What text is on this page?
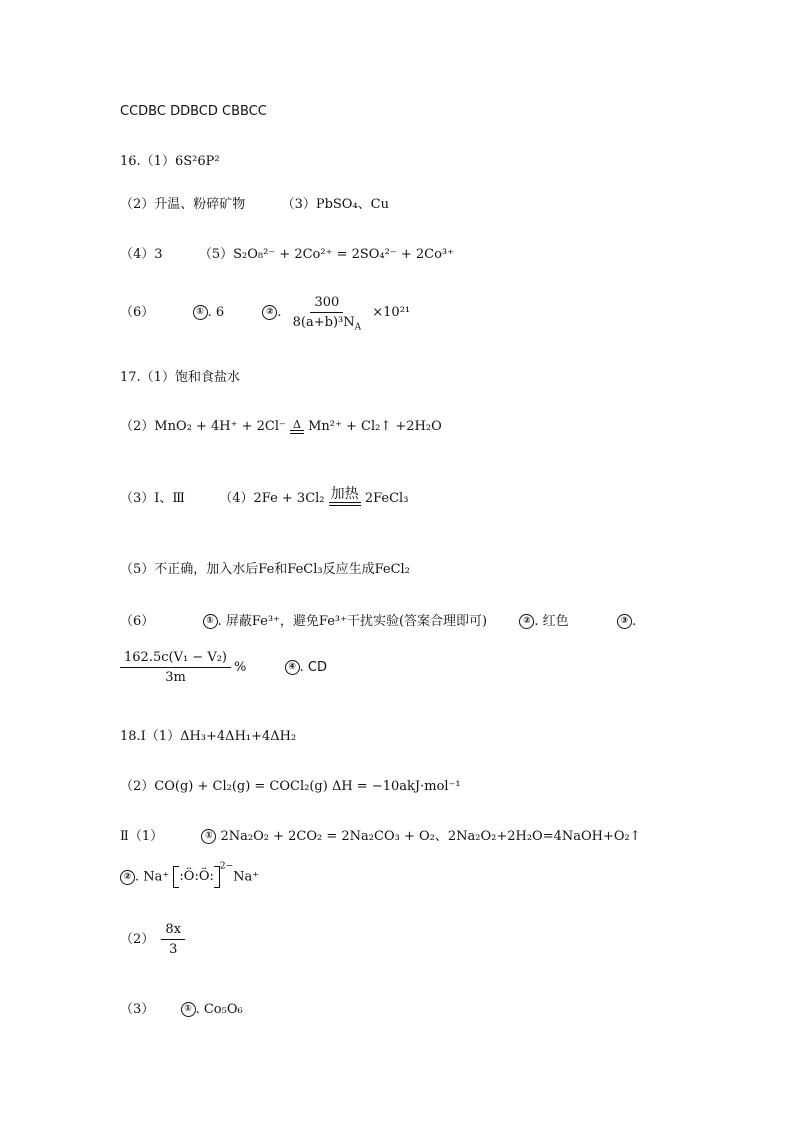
CCDBC DDBCD CBBCC
16.（1）6S²6P²
（2）升温、粉碎矿物	（3）PbSO₄、Cu
（4）3	（5）S₂O₈²⁻ + 2Co²⁺ = 2SO₄²⁻ + 2Co³⁺
（6）	① . 6	② . $\frac{300}{8(a+b)^3N_A} \times 10^{21}$
17.（1）饱和食盐水
（2）MnO₂ + 4H⁺ + 2Cl⁻ Δ Mn²⁺ + Cl₂↑ +2H₂O
（3）Ⅰ、Ⅲ	（4）2Fe + 3Cl₂ 加热 2FeCl₃
（5）不正确，加入水后Fe和FeCl₃反应生成FeCl₂
（6）	① . 屏蔽Fe³⁺，避免Fe³⁺干扰实验(答案合理即可)	② . 红色	③ .
$\frac{\text{162.5c(V₁ − V₂)}}{3m}$ %	④ . CD
18.Ⅰ（1）ΔH₃+4ΔH₁+4ΔH₂
（2）CO(g) + Cl₂(g) = COCl₂(g) ΔH = −10akJ·mol⁻¹
Ⅱ（1）	① 2Na₂O₂ + 2CO₂ = 2Na₂CO₃ + O₂、2Na₂O₂+2H₂O=4NaOH+O₂↑
② . Na⁺ :Ö:Ö:$^{2-}$Na⁺
$(2) \frac{8x}{3}$
（3）	① . Co₅O₆
